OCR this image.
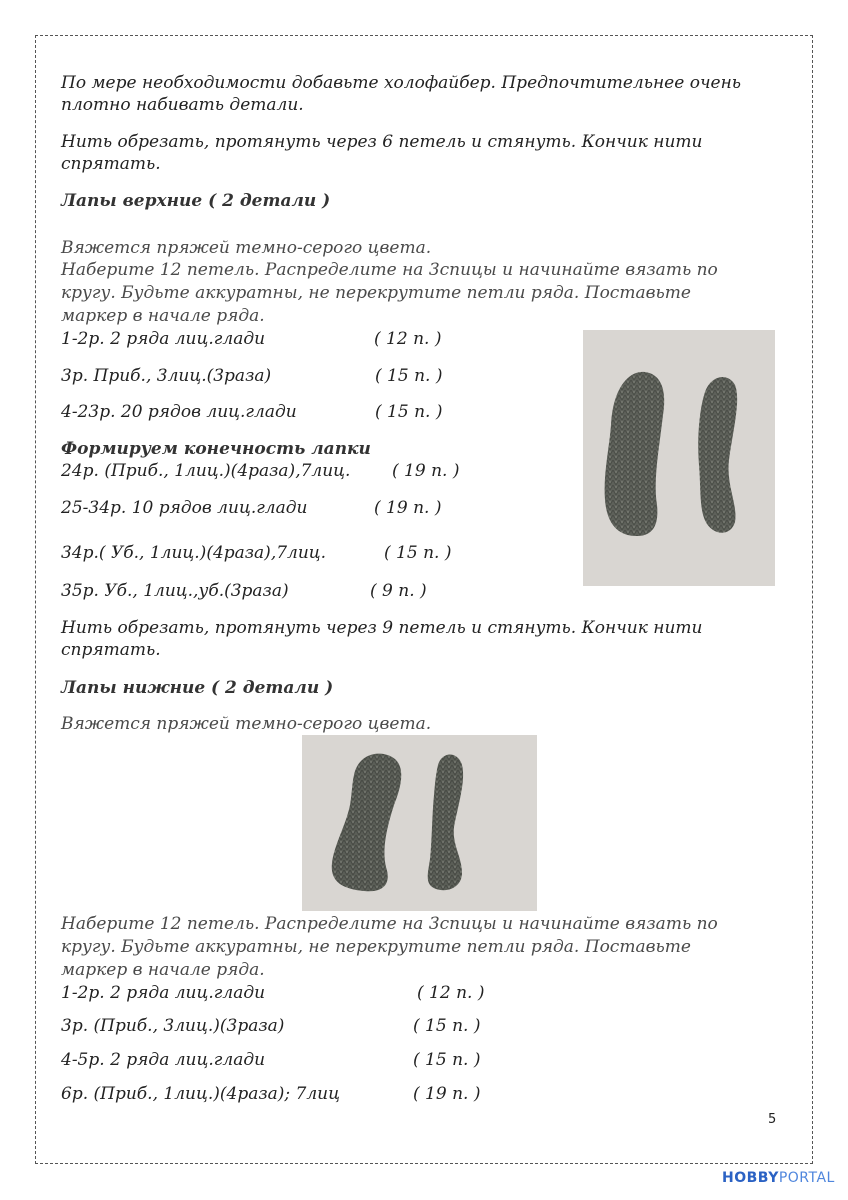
По мере необходимости добавьте холофайбер. Предпочтительнее очень
плотно набивать детали.
Нить обрезать, протянуть через 6 петель и стянуть. Кончик нити
спрятать.
Лапы верхние ( 2 детали )
Вяжется пряжей темно-серого цвета.
Наберите 12 петель. Распределите на 3спицы и начинайте вязать по
кругу. Будьте аккуратны, не перекрутите петли ряда. Поставьте
маркер в начале ряда.
1-2р. 2 ряда лиц.глади	( 12 п. )
3р. Приб., 3лиц.(3раза)	( 15 п. )
4-23р. 20 рядов лиц.глади	( 15 п. )
Формируем конечность лапки
24р. (Приб., 1лиц.)(4раза),7лиц. ( 19 п. )
25-34р. 10 рядов лиц.глади	( 19 п. )
34р.( Уб., 1лиц.)(4раза),7лиц.	( 15 п. )
35р. Уб., 1лиц.,уб.(3раза)	( 9 п. )
Нить обрезать, протянуть через 9 петель и стянуть. Кончик нити
спрятать.
Лапы нижние ( 2 детали )
Вяжется пряжей темно-серого цвета.
Наберите 12 петель. Распределите на 3спицы и начинайте вязать по
кругу. Будьте аккуратны, не перекрутите петли ряда. Поставьте
маркер в начале ряда.
1-2р. 2 ряда лиц.глади	( 12 п. )
3р. (Приб., 3лиц.)(3раза)	( 15 п. )
4-5р. 2 ряда лиц.глади	( 15 п. )
6р. (Приб., 1лиц.)(4раза); 7лиц	( 19 п. )
5
HOBBYPORTAL
